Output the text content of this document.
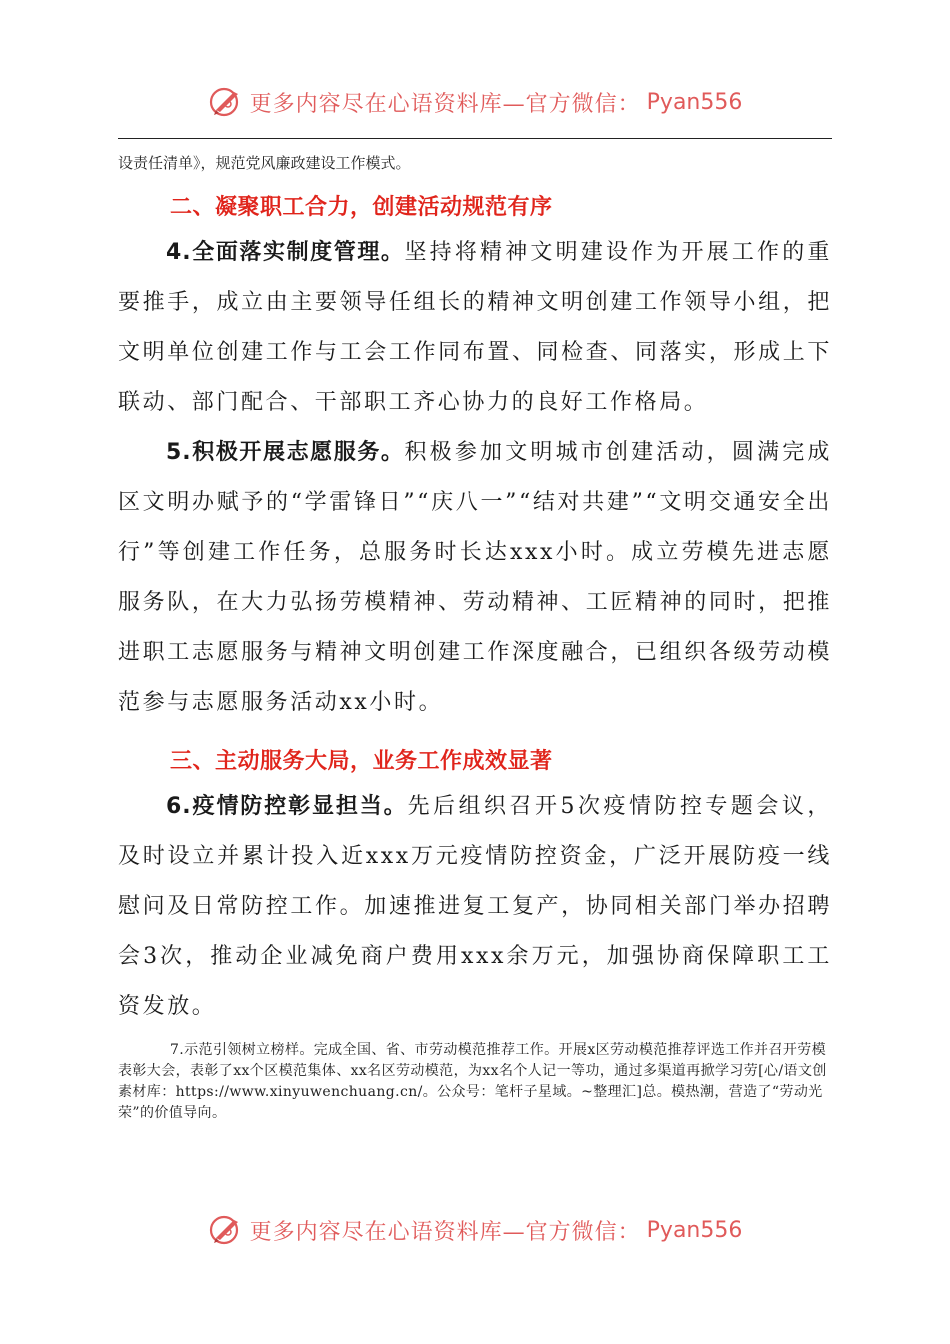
更多内容尽在心语资料库—官方微信： Pyan556

设责任清单》，规范党风廉政建设工作模式。

二、凝聚职工合力，创建活动规范有序

4.全面落实制度管理。坚持将精神文明建设作为开展工作的重要推手，成立由主要领导任组长的精神文明创建工作领导小组，把文明单位创建工作与工会工作同布置、同检查、同落实，形成上下联动、部门配合、干部职工齐心协力的良好工作格局。

5.积极开展志愿服务。积极参加文明城市创建活动，圆满完成区文明办赋予的“学雷锋日”“庆八一”“结对共建”“文明交通安全出行”等创建工作任务，总服务时长达xxx小时。成立劳模先进志愿服务队，在大力弘扬劳模精神、劳动精神、工匠精神的同时，把推进职工志愿服务与精神文明创建工作深度融合，已组织各级劳动模范参与志愿服务活动xx小时。

三、主动服务大局，业务工作成效显著

6.疫情防控彰显担当。先后组织召开5次疫情防控专题会议，及时设立并累计投入近xxx万元疫情防控资金，广泛开展防疫一线慰问及日常防控工作。加速推进复工复产，协同相关部门举办招聘会3次，推动企业减免商户费用xxx余万元，加强协商保障职工工资发放。

7.示范引领树立榜样。完成全国、省、市劳动模范推荐工作。开展x区劳动模范推荐评选工作并召开劳模表彰大会，表彰了xx个区模范集体、xx名区劳动模范，为xx名个人记一等功，通过多渠道再掀学习劳[心/语文创素材库：https://www.xinyuwenchuang.cn/。公众号：笔杆子星域。~整理汇]总。模热潮，营造了“劳动光荣”的价值导向。

更多内容尽在心语资料库—官方微信： Pyan556
